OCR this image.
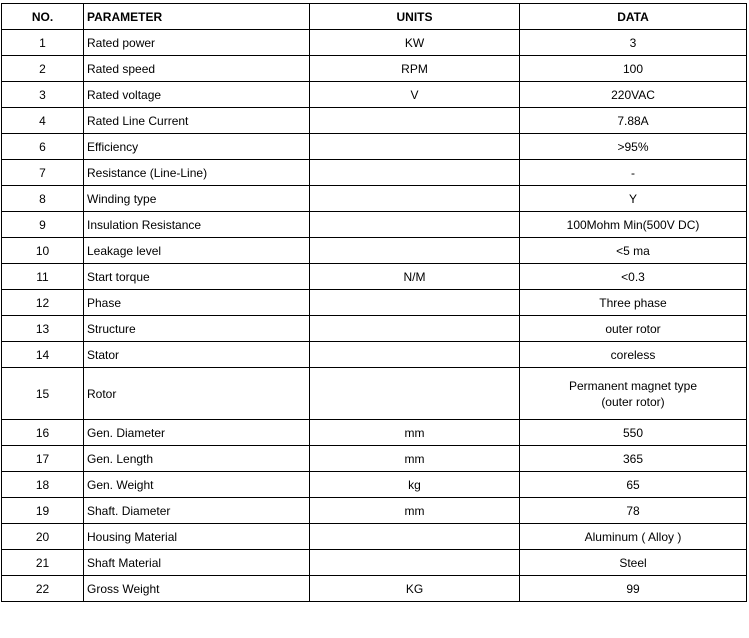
NO.	PARAMETER	UNITS	DATA
1	Rated power	KW	3
2	Rated speed	RPM	100
3	Rated voltage	V	220VAC
4	Rated Line Current		7.88A
6	Efficiency		>95%
7	Resistance (Line-Line)		-
8	Winding type		Y
9	Insulation Resistance		100Mohm Min(500V DC)
10	Leakage level		<5 ma
11	Start torque	N/M	<0.3
12	Phase		Three phase
13	Structure		outer rotor
14	Stator		coreless
15	Rotor		Permanent magnet type
(outer rotor)
16	Gen. Diameter	mm	550
17	Gen. Length	mm	365
18	Gen. Weight	kg	65
19	Shaft. Diameter	mm	78
20	Housing Material		Aluminum ( Alloy )
21	Shaft Material		Steel
22	Gross Weight	KG	99
